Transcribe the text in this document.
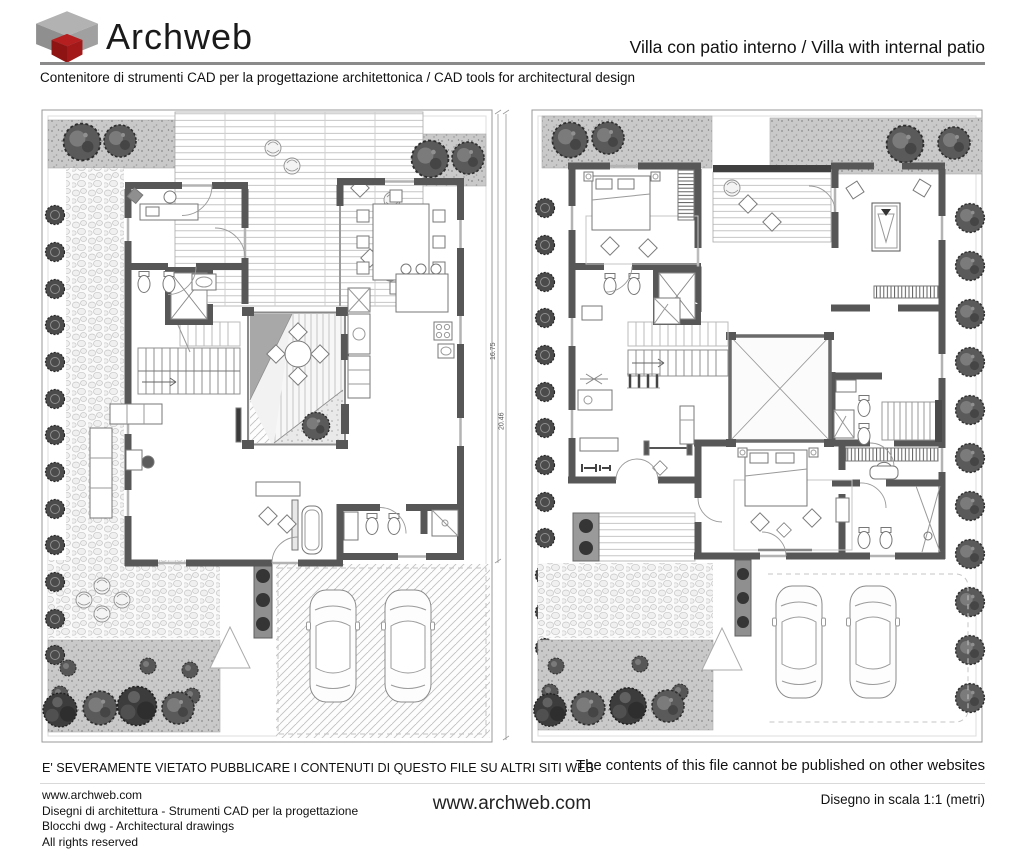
Archweb	Villa con patio interno / Villa with internal patio
Contenitore di strumenti CAD per la progettazione architettonica / CAD tools for architectural design
16.75
20.46
E' SEVERAMENTE VIETATO PUBBLICARE I CONTENUTI DI QUESTO FILE SU ALTRI SITI WEB
The contents of this file cannot be published on other websites
www.archweb.com
Disegni di architettura - Strumenti CAD per la progettazione
Blocchi dwg - Architectural drawings
All rights reserved
www.archweb.com	Disegno in scala 1:1 (metri)
